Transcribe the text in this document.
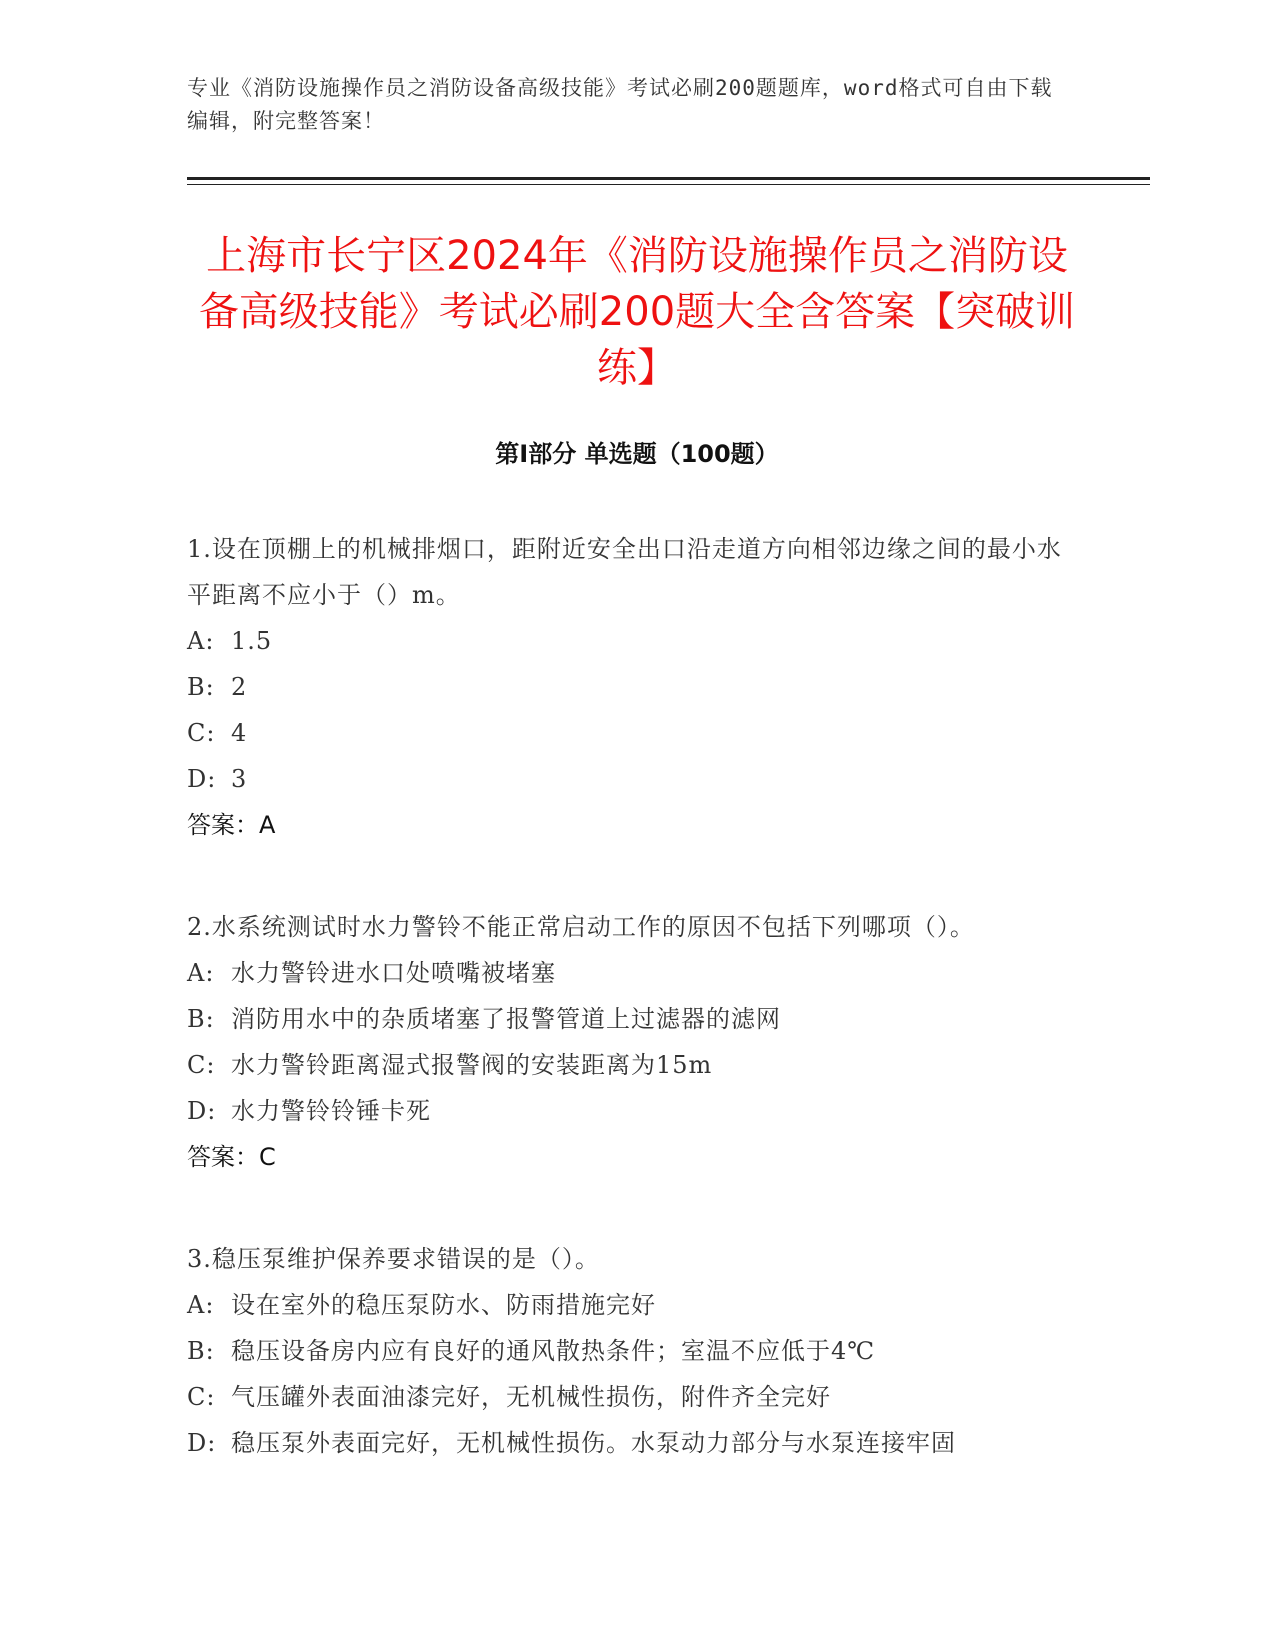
专业《消防设施操作员之消防设备高级技能》考试必刷200题题库，word格式可自由下载编辑，附完整答案！
上海市长宁区2024年《消防设施操作员之消防设备高级技能》考试必刷200题大全含答案【突破训练】
第I部分 单选题（100题）
1.设在顶棚上的机械排烟口，距附近安全出口沿走道方向相邻边缘之间的最小水平距离不应小于（）m。
A: 1.5
B: 2
C: 4
D: 3
答案：A
2.水系统测试时水力警铃不能正常启动工作的原因不包括下列哪项（）。
A: 水力警铃进水口处喷嘴被堵塞
B: 消防用水中的杂质堵塞了报警管道上过滤器的滤网
C: 水力警铃距离湿式报警阀的安装距离为15m
D: 水力警铃铃锤卡死
答案：C
3.稳压泵维护保养要求错误的是（）。
A: 设在室外的稳压泵防水、防雨措施完好
B: 稳压设备房内应有良好的通风散热条件；室温不应低于4℃
C: 气压罐外表面油漆完好，无机械性损伤，附件齐全完好
D: 稳压泵外表面完好，无机械性损伤。水泵动力部分与水泵连接牢固
